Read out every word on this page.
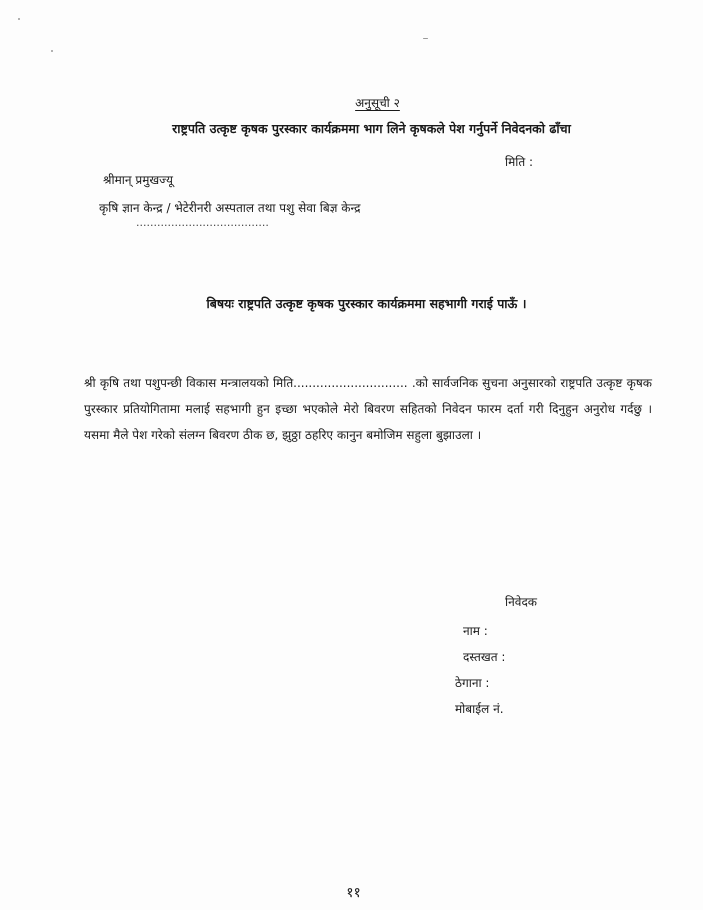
अनुसूची २
राष्ट्रपति उत्कृष्ट कृषक पुरस्कार कार्यक्रममा भाग लिने कृषकले पेश गर्नुपर्ने निवेदनको ढाँचा
मिति :
श्रीमान् प्रमुखज्यू
कृषि ज्ञान केन्द्र / भेटेरीनरी अस्पताल तथा पशु सेवा बिज्ञ केन्द्र
......................................
बिषयः राष्ट्रपति उत्कृष्ट कृषक पुरस्कार कार्यक्रममा सहभागी गराई पाऊँ ।
श्री कृषि तथा पशुपन्छी विकास मन्त्रालयको मिति.............................. .को सार्वजनिक सुचना अनुसारको राष्ट्रपति उत्कृष्ट कृषक पुरस्कार प्रतियोगितामा मलाई सहभागी हुन इच्छा भएकोले मेरो बिवरण सहितको निवेदन फारम दर्ता गरी दिनुहुन अनुरोध गर्दछु । यसमा मैले पेश गरेको संलग्न बिवरण ठीक छ, झुठ्ठा ठहरिए कानुन बमोजिम सहुला बुझाउला ।
निवेदक
नाम :
दस्तखत :
ठेगाना :
मोबाईल नं.
११
